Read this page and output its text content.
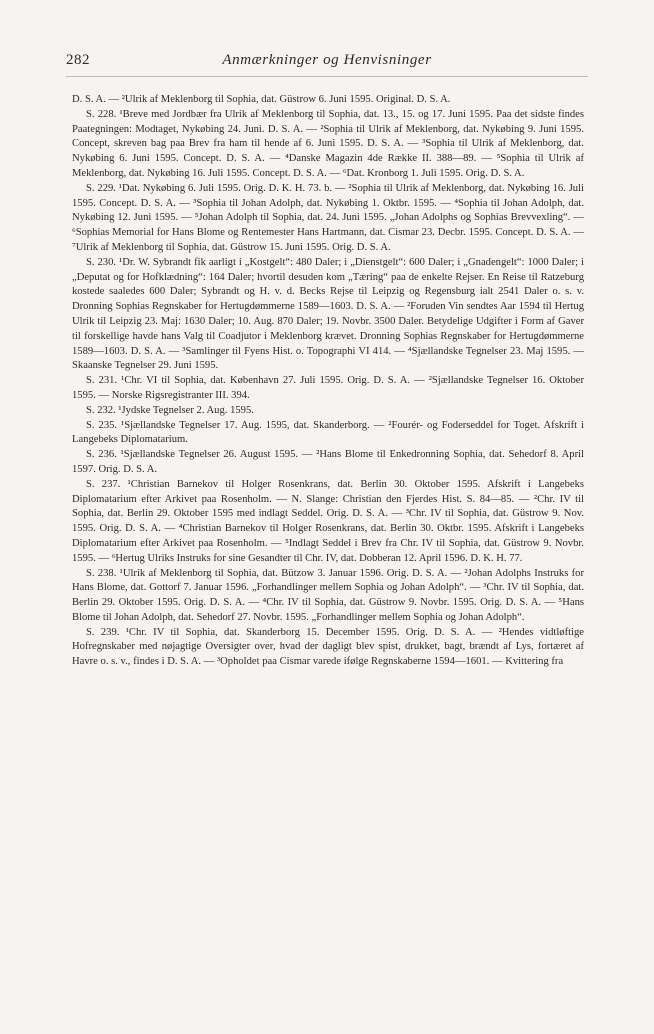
282	Anmærkninger og Henvisninger

D. S. A. — ²Ulrik af Meklenborg til Sophia, dat. Güstrow 6. Juni 1595. Original. D. S. A.

S. 228. ¹Breve med Jordbær fra Ulrik af Meklenborg til Sophia, dat. 13., 15. og 17. Juni 1595. Paa det sidste findes Paategningen: Modtaget, Nykøbing 24. Juni. D. S. A. — ²Sophia til Ulrik af Meklenborg, dat. Nykøbing 9. Juni 1595. Concept, skreven bag paa Brev fra ham til hende af 6. Juni 1595. D. S. A. — ³Sophia til Ulrik af Meklenborg, dat. Nykøbing 6. Juni 1595. Concept. D. S. A. — ⁴Danske Magazin 4de Række II. 388—89. — ⁵Sophia til Ulrik af Meklenborg, dat. Nykøbing 16. Juli 1595. Concept. D. S. A. — ⁶Dat. Kronborg 1. Juli 1595. Orig. D. S. A.

S. 229. ¹Dat. Nykøbing 6. Juli 1595. Orig. D. K. H. 73. b. — ²Sophia til Ulrik af Meklenborg, dat. Nykøbing 16. Juli 1595. Concept. D. S. A. — ³Sophia til Johan Adolph, dat. Nykøbing 1. Oktbr. 1595. — ⁴Sophia til Johan Adolph, dat. Nykøbing 12. Juni 1595. — ⁵Johan Adolph til Sophia, dat. 24. Juni 1595. „Johan Adolphs og Sophias Brevvexling“. — ⁶Sophias Memorial for Hans Blome og Rentemester Hans Hartmann, dat. Cismar 23. Decbr. 1595. Concept. D. S. A. — ⁷Ulrik af Meklenborg til Sophia, dat. Güstrow 15. Juni 1595. Orig. D. S. A.

S. 230. ¹Dr. W. Sybrandt fik aarligt i „Kostgelt“: 480 Daler; i „Dienstgelt“: 600 Daler; i „Gnadengelt“: 1000 Daler; i „Deputat og for Hofklædning“: 164 Daler; hvortil desuden kom „Tæring“ paa de enkelte Rejser. En Reise til Ratzeburg kostede saaledes 600 Daler; Sybrandt og H. v. d. Becks Rejse til Leipzig og Regensburg ialt 2541 Daler o. s. v. Dronning Sophias Regnskaber for Hertugdømmerne 1589—1603. D. S. A. — ²Foruden Vin sendtes Aar 1594 til Hertug Ulrik til Leipzig 23. Maj: 1630 Daler; 10. Aug. 870 Daler; 19. Novbr. 3500 Daler. Betydelige Udgifter i Form af Gaver til forskellige havde hans Valg til Coadjutor i Meklenborg krævet. Dronning Sophias Regnskaber for Hertugdømmerne 1589—1603. D. S. A. — ³Samlinger til Fyens Hist. o. Topographi VI 414. — ⁴Sjællandske Tegnelser 23. Maj 1595. — Skaanske Tegnelser 29. Juni 1595.

S. 231. ¹Chr. VI til Sophia, dat. København 27. Juli 1595. Orig. D. S. A. — ²Sjællandske Tegnelser 16. Oktober 1595. — Norske Rigsregistranter III. 394.

S. 232. ¹Jydske Tegnelser 2. Aug. 1595.

S. 235. ¹Sjællandske Tegnelser 17. Aug. 1595, dat. Skanderborg. — ²Fourér- og Foderseddel for Toget. Afskrift i Langebeks Diplomatarium.

S. 236. ¹Sjællandske Tegnelser 26. August 1595. — ²Hans Blome til Enkedronning Sophia, dat. Sehedorf 8. April 1597. Orig. D. S. A.

S. 237. ¹Christian Barnekov til Holger Rosenkrans, dat. Berlin 30. Oktober 1595. Afskrift i Langebeks Diplomatarium efter Arkivet paa Rosenholm. — N. Slange: Christian den Fjerdes Hist. S. 84—85. — ²Chr. IV til Sophia, dat. Berlin 29. Oktober 1595 med indlagt Seddel. Orig. D. S. A. — ³Chr. IV til Sophia, dat. Güstrow 9. Nov. 1595. Orig. D. S. A. — ⁴Christian Barnekov til Holger Rosenkrans, dat. Berlin 30. Oktbr. 1595. Afskrift i Langebeks Diplomatarium efter Arkivet paa Rosenholm. — ⁵Indlagt Seddel i Brev fra Chr. IV til Sophia, dat. Güstrow 9. Novbr. 1595. — ⁶Hertug Ulriks Instruks for sine Gesandter til Chr. IV, dat. Dobberan 12. April 1596. D. K. H. 77.

S. 238. ¹Ulrik af Meklenborg til Sophia, dat. Bützow 3. Januar 1596. Orig. D. S. A. — ²Johan Adolphs Instruks for Hans Blome, dat. Gottorf 7. Januar 1596. „Forhandlinger mellem Sophia og Johan Adolph“. — ³Chr. IV til Sophia, dat. Berlin 29. Oktober 1595. Orig. D. S. A. — ⁴Chr. IV til Sophia, dat. Güstrow 9. Novbr. 1595. Orig. D. S. A. — ⁵Hans Blome til Johan Adolph, dat. Sehedorf 27. Novbr. 1595. „Forhandlinger mellem Sophia og Johan Adolph“.

S. 239. ¹Chr. IV til Sophia, dat. Skanderborg 15. December 1595. Orig. D. S. A. — ²Hendes vidtløftige Hofregnskaber med nøjagtige Oversigter over, hvad der dagligt blev spist, drukket, bagt, brændt af Lys, fortæret af Havre o. s. v., findes i D. S. A. — ³Opholdet paa Cismar varede ifølge Regnskaberne 1594—1601. — Kvittering fra
